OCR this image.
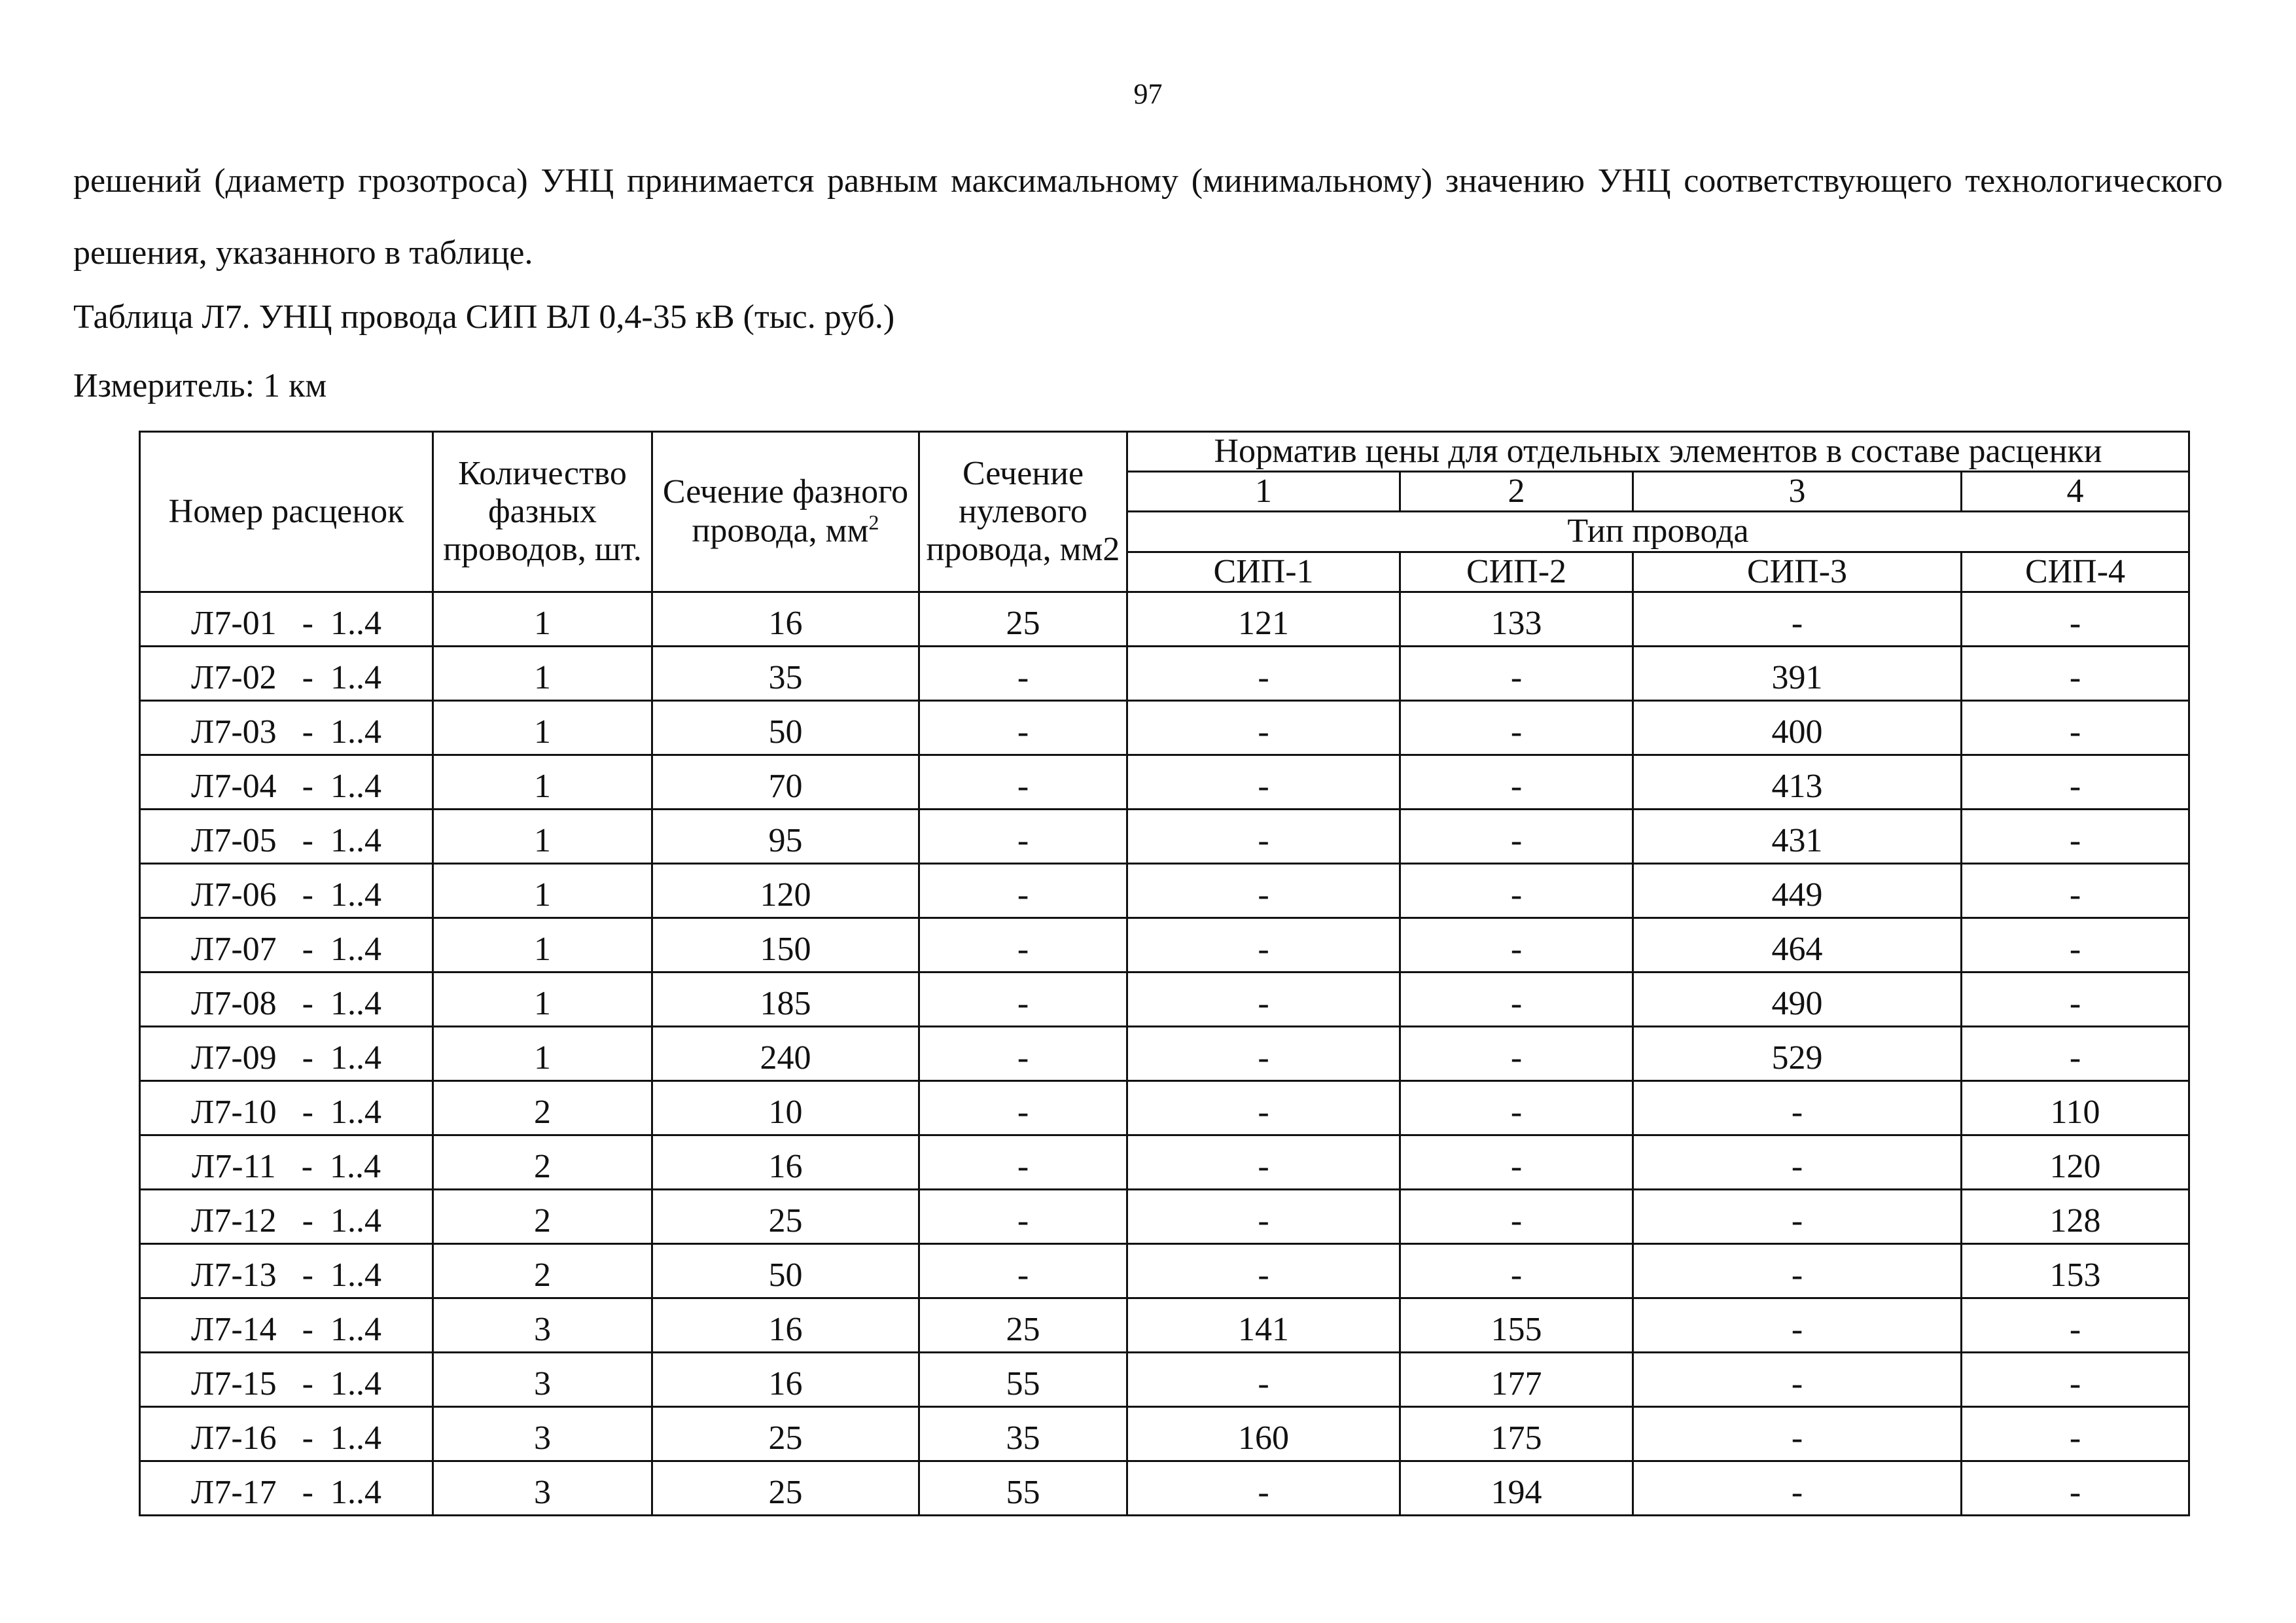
97
решений (диаметр грозотроса) УНЦ принимается равным максимальному (минимальному) значению УНЦ соответствующего технологического решения, указанного в таблице.
Таблица Л7. УНЦ провода СИП ВЛ 0,4-35 кВ (тыс. руб.)
Измеритель: 1 км
Номер расценок	Количество фазных проводов, шт.	Сечение фазного провода, $мм^2$	Сечение нулевого провода, мм2	Норматив цены для отдельных элементов в составе расценки			
				1	2	3	4
				Тип провода			
				СИП-1	СИП-2	СИП-3	СИП-4
Л7-01   -  1..4	1	16	25	121	133	-	-
Л7-02   -  1..4	1	35	-	-	-	391	-
Л7-03   -  1..4	1	50	-	-	-	400	-
Л7-04   -  1..4	1	70	-	-	-	413	-
Л7-05   -  1..4	1	95	-	-	-	431	-
Л7-06   -  1..4	1	120	-	-	-	449	-
Л7-07   -  1..4	1	150	-	-	-	464	-
Л7-08   -  1..4	1	185	-	-	-	490	-
Л7-09   -  1..4	1	240	-	-	-	529	-
Л7-10   -  1..4	2	10	-	-	-	-	110
Л7-11   -  1..4	2	16	-	-	-	-	120
Л7-12   -  1..4	2	25	-	-	-	-	128
Л7-13   -  1..4	2	50	-	-	-	-	153
Л7-14   -  1..4	3	16	25	141	155	-	-
Л7-15   -  1..4	3	16	55	-	177	-	-
Л7-16   -  1..4	3	25	35	160	175	-	-
Л7-17   -  1..4	3	25	55	-	194	-	-
